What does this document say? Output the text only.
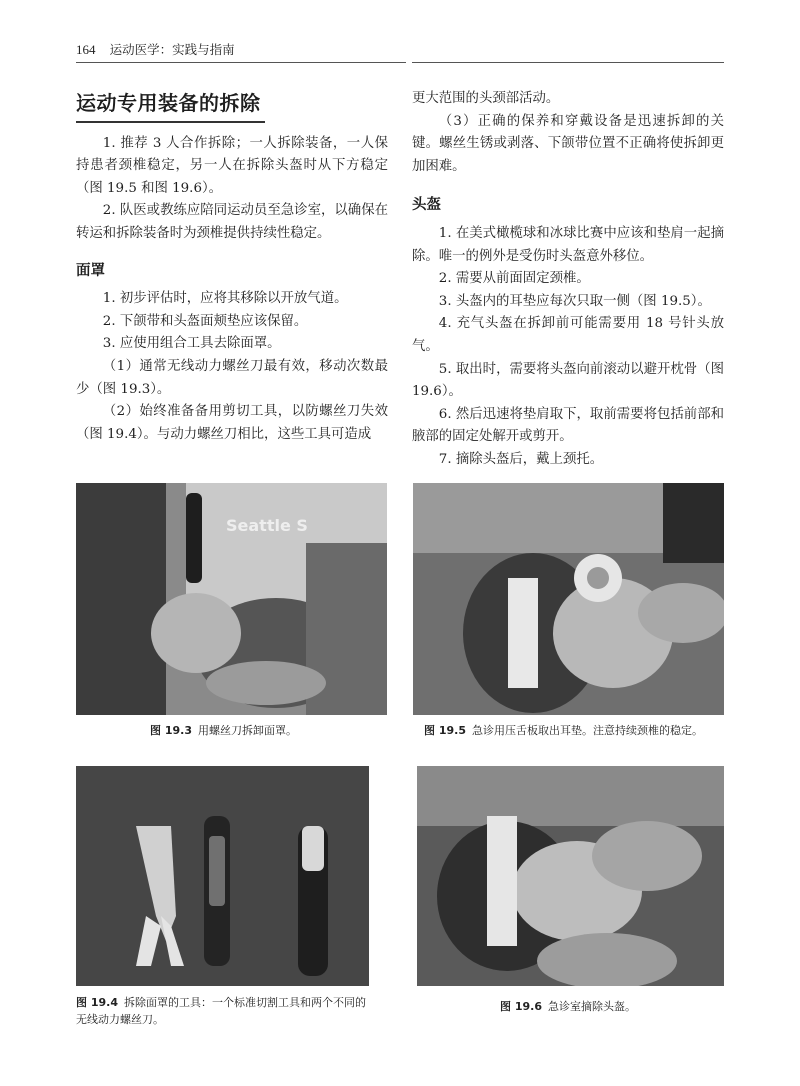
164 运动医学：实践与指南
运动专用装备的拆除

1. 推荐 3 人合作拆除；一人拆除装备，一人保持患者颈椎稳定，另一人在拆除头盔时从下方稳定（图 19.5 和图 19.6）。

2. 队医或教练应陪同运动员至急诊室，以确保在转运和拆除装备时为颈椎提供持续性稳定。

面罩

1. 初步评估时，应将其移除以开放气道。

2. 下颌带和头盔面颊垫应该保留。

3. 应使用组合工具去除面罩。

（1）通常无线动力螺丝刀最有效，移动次数最少（图 19.3）。

（2）始终准备备用剪切工具，以防螺丝刀失效（图 19.4）。与动力螺丝刀相比，这些工具可造成

更大范围的头颈部活动。

（3）正确的保养和穿戴设备是迅速拆卸的关键。螺丝生锈或剥落、下颌带位置不正确将使拆卸更加困难。

头盔

1. 在美式橄榄球和冰球比赛中应该和垫肩一起摘除。唯一的例外是受伤时头盔意外移位。

2. 需要从前面固定颈椎。

3. 头盔内的耳垫应每次只取一侧（图 19.5）。

4. 充气头盔在拆卸前可能需要用 18 号针头放气。

5. 取出时，需要将头盔向前滚动以避开枕骨（图 19.6）。

6. 然后迅速将垫肩取下，取前需要将包括前部和腋部的固定处解开或剪开。

7. 摘除头盔后，戴上颈托。

Seattle S
图 19.3 用螺丝刀拆卸面罩。	图 19.5 急诊用压舌板取出耳垫。注意持续颈椎的稳定。
图 19.4 拆除面罩的工具：一个标准切割工具和两个不同的无线动力螺丝刀。
图 19.6 急诊室摘除头盔。
